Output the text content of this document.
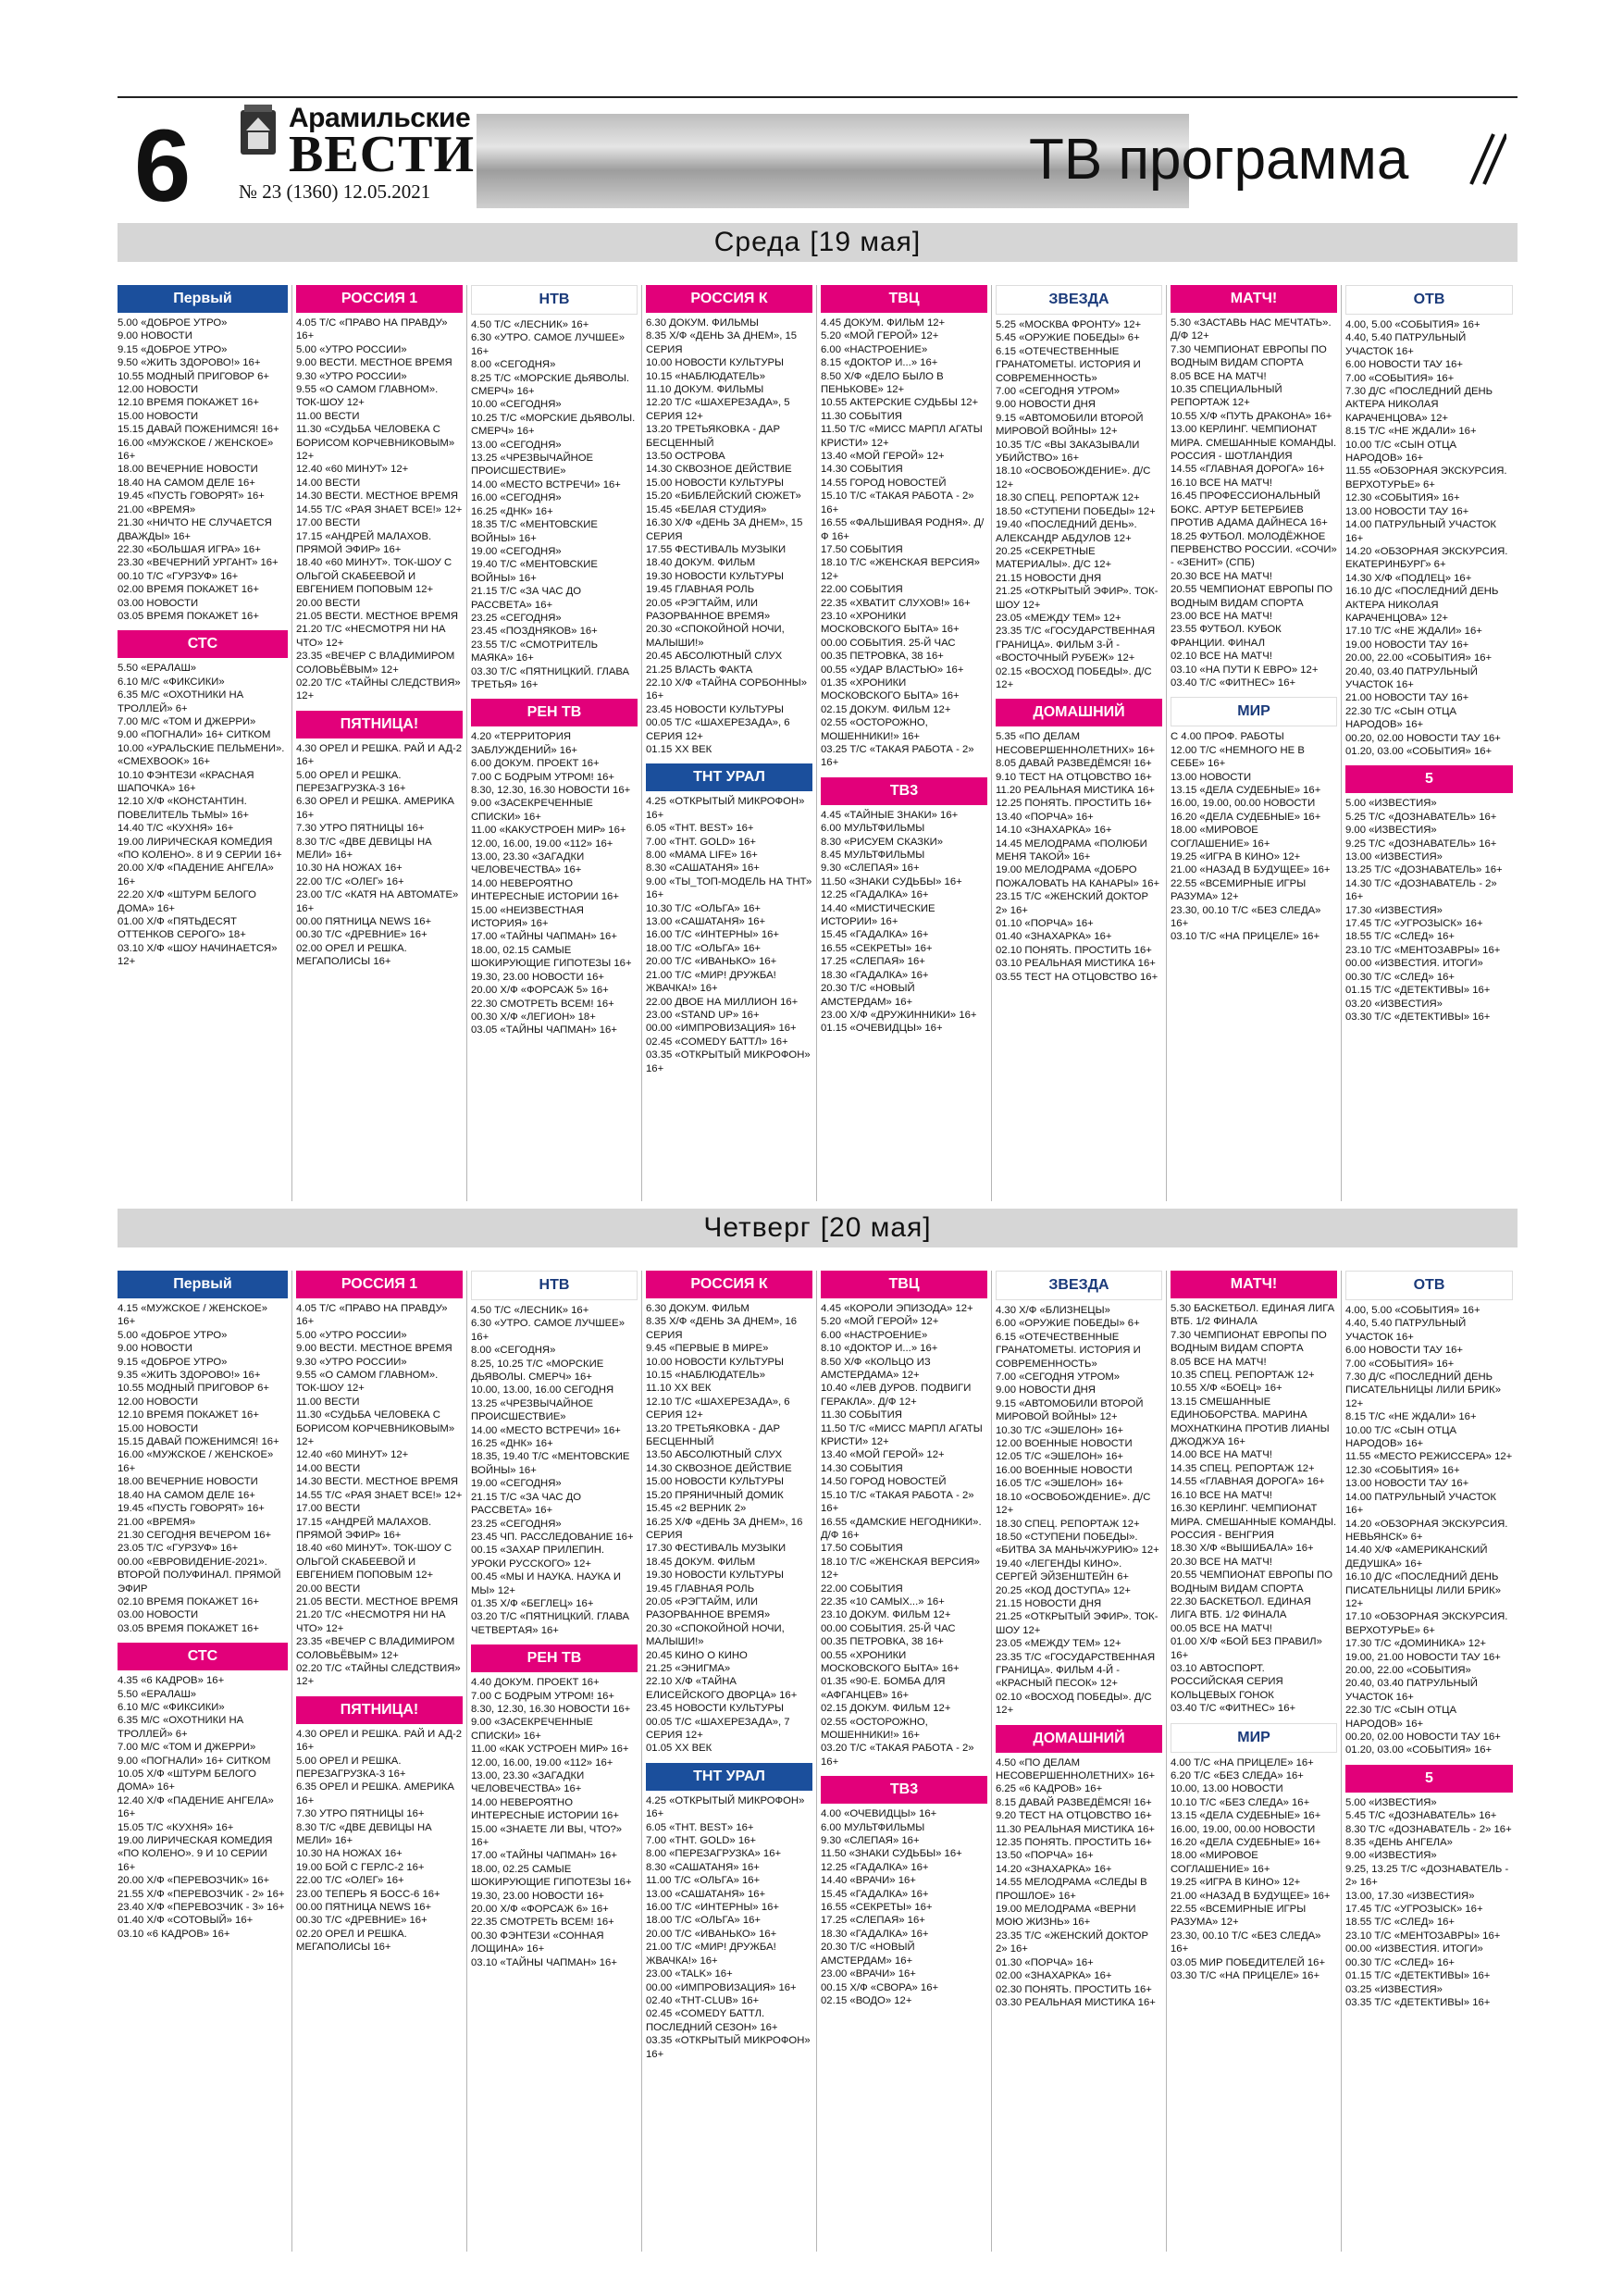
6	Арамильские
ВЕСТИ
№ 23 (1360) 12.05.2021	ТВ программа
Среда [19 мая]
Первый
5.00 «ДОБРОЕ УТРО»
9.00 НОВОСТИ
9.15 «ДОБРОЕ УТРО»
9.50 «ЖИТЬ ЗДОРОВО!» 16+
10.55 МОДНЫЙ ПРИГОВОР 6+
12.00 НОВОСТИ
12.10 ВРЕМЯ ПОКАЖЕТ 16+
15.00 НОВОСТИ
15.15 ДАВАЙ ПОЖЕНИМСЯ! 16+
16.00 «МУЖСКОЕ / ЖЕНСКОЕ» 16+
18.00 ВЕЧЕРНИЕ НОВОСТИ
18.40 НА САМОМ ДЕЛЕ 16+
19.45 «ПУСТЬ ГОВОРЯТ» 16+
21.00 «ВРЕМЯ»
21.30 «НИЧТО НЕ СЛУЧАЕТСЯ ДВАЖДЫ» 16+
22.30 «БОЛЬШАЯ ИГРА» 16+
23.30 «ВЕЧЕРНИЙ УРГАНТ» 16+
00.10 Т/С «ГУРЗУФ» 16+
02.00 ВРЕМЯ ПОКАЖЕТ 16+
03.00 НОВОСТИ
03.05 ВРЕМЯ ПОКАЖЕТ 16+
СТС
5.50 «ЕРАЛАШ»
6.10 М/С «ФИКСИКИ»
6.35 М/С «ОХОТНИКИ НА ТРОЛЛЕЙ» 6+
7.00 М/С «ТОМ И ДЖЕРРИ»
9.00 «ПОГНАЛИ» 16+ СИТКОМ
10.00 «УРАЛЬСКИЕ ПЕЛЬМЕНИ». «СМЕХBOOK» 16+
10.10 ФЭНТЕЗИ «КРАСНАЯ ШАПОЧКА» 16+
12.10 Х/Ф «КОНСТАНТИН. ПОВЕЛИТЕЛЬ ТЬМЫ» 16+
14.40 Т/С «КУХНЯ» 16+
19.00 ЛИРИЧЕСКАЯ КОМЕДИЯ «ПО КОЛЕНО». 8 И 9 СЕРИИ 16+
20.00 Х/Ф «ПАДЕНИЕ АНГЕЛА» 16+
22.20 Х/Ф «ШТУРМ БЕЛОГО ДОМА» 16+
01.00 Х/Ф «ПЯТЬДЕСЯТ ОТТЕНКОВ СЕРОГО» 18+
03.10 Х/Ф «ШОУ НАЧИНАЕТСЯ» 12+
РОССИЯ 1
4.05 Т/С «ПРАВО НА ПРАВДУ» 16+
5.00 «УТРО РОССИИ»
9.00 ВЕСТИ. МЕСТНОЕ ВРЕМЯ
9.30 «УТРО РОССИИ»
9.55 «О САМОМ ГЛАВНОМ». ТОК-ШОУ 12+
11.00 ВЕСТИ
11.30 «СУДЬБА ЧЕЛОВЕКА С БОРИСОМ КОРЧЕВНИКОВЫМ» 12+
12.40 «60 МИНУТ» 12+
14.00 ВЕСТИ
14.30 ВЕСТИ. МЕСТНОЕ ВРЕМЯ
14.55 Т/С «РАЯ ЗНАЕТ ВСЕ!» 12+
17.00 ВЕСТИ
17.15 «АНДРЕЙ МАЛАХОВ. ПРЯМОЙ ЭФИР» 16+
18.40 «60 МИНУТ». ТОК-ШОУ С ОЛЬГОЙ СКАБЕЕВОЙ И ЕВГЕНИЕМ ПОПОВЫМ 12+
20.00 ВЕСТИ
21.05 ВЕСТИ. МЕСТНОЕ ВРЕМЯ
21.20 Т/С «НЕСМОТРЯ НИ НА ЧТО» 12+
23.35 «ВЕЧЕР С ВЛАДИМИРОМ СОЛОВЬЁВЫМ» 12+
02.20 Т/С «ТАЙНЫ СЛЕДСТВИЯ» 12+
ПЯТНИЦА!
4.30 ОРЕЛ И РЕШКА. РАЙ И АД-2 16+
5.00 ОРЕЛ И РЕШКА. ПЕРЕЗАГРУЗКА-3 16+
6.30 ОРЕЛ И РЕШКА. АМЕРИКА 16+
7.30 УТРО ПЯТНИЦЫ 16+
8.30 Т/С «ДВЕ ДЕВИЦЫ НА МЕЛИ» 16+
10.30 НА НОЖАХ 16+
22.00 Т/С «ОЛЕГ» 16+
23.00 Т/С «КАТЯ НА АВТОМАТЕ» 16+
00.00 ПЯТНИЦА NEWS 16+
00.30 Т/С «ДРЕВНИЕ» 16+
02.00 ОРЕЛ И РЕШКА. МЕГАПОЛИСЫ 16+
НТВ
4.50 Т/С «ЛЕСНИК» 16+
6.30 «УТРО. САМОЕ ЛУЧШЕЕ» 16+
8.00 «СЕГОДНЯ»
8.25 Т/С «МОРСКИЕ ДЬЯВОЛЫ. СМЕРЧ» 16+
10.00 «СЕГОДНЯ»
10.25 Т/С «МОРСКИЕ ДЬЯВОЛЫ. СМЕРЧ» 16+
13.00 «СЕГОДНЯ»
13.25 «ЧРЕЗВЫЧАЙНОЕ ПРОИСШЕСТВИЕ»
14.00 «МЕСТО ВСТРЕЧИ» 16+
16.00 «СЕГОДНЯ»
16.25 «ДНК» 16+
18.35 Т/С «МЕНТОВСКИЕ ВОЙНЫ» 16+
19.00 «СЕГОДНЯ»
19.40 Т/С «МЕНТОВСКИЕ ВОЙНЫ» 16+
21.15 Т/С «ЗА ЧАС ДО РАССВЕТА» 16+
23.25 «СЕГОДНЯ»
23.45 «ПОЗДНЯКОВ» 16+
23.55 Т/С «СМОТРИТЕЛЬ МАЯКА» 16+
03.30 Т/С «ПЯТНИЦКИЙ. ГЛАВА ТРЕТЬЯ» 16+
РЕН ТВ
4.20 «ТЕРРИТОРИЯ ЗАБЛУЖДЕНИЙ» 16+
6.00 ДОКУМ. ПРОЕКТ 16+
7.00 С БОДРЫМ УТРОМ! 16+
8.30, 12.30, 16.30 НОВОСТИ 16+
9.00 «ЗАСЕКРЕЧЕННЫЕ СПИСКИ» 16+
11.00 «КАКУСТРОЕН МИР» 16+
12.00, 16.00, 19.00 «112» 16+
13.00, 23.30 «ЗАГАДКИ ЧЕЛОВЕЧЕСТВА» 16+
14.00 НЕВЕРОЯТНО ИНТЕРЕСНЫЕ ИСТОРИИ 16+
15.00 «НЕИЗВЕСТНАЯ ИСТОРИЯ» 16+
17.00 «ТАЙНЫ ЧАПМАН» 16+
18.00, 02.15 САМЫЕ ШОКИРУЮЩИЕ ГИПОТЕЗЫ 16+
19.30, 23.00 НОВОСТИ 16+
20.00 Х/Ф «ФОРСАЖ 5» 16+
22.30 СМОТРЕТЬ ВСЕМ! 16+
00.30 Х/Ф «ЛЕГИОН» 18+
03.05 «ТАЙНЫ ЧАПМАН» 16+
РОССИЯ К
6.30 ДОКУМ. ФИЛЬМЫ
8.35 Х/Ф «ДЕНЬ ЗА ДНЕМ», 15 СЕРИЯ
10.00 НОВОСТИ КУЛЬТУРЫ
10.15 «НАБЛЮДАТЕЛЬ»
11.10 ДОКУМ. ФИЛЬМЫ
12.20 Т/С «ШАХЕРЕЗАДА», 5 СЕРИЯ 12+
13.20 ТРЕТЬЯКОВКА - ДАР БЕСЦЕННЫЙ
13.50 ОСТРОВА
14.30 СКВОЗНОЕ ДЕЙСТВИЕ
15.00 НОВОСТИ КУЛЬТУРЫ
15.20 «БИБЛЕЙСКИЙ СЮЖЕТ»
15.45 «БЕЛАЯ СТУДИЯ»
16.30 Х/Ф «ДЕНЬ ЗА ДНЕМ», 15 СЕРИЯ
17.55 ФЕСТИВАЛЬ МУЗЫКИ
18.40 ДОКУМ. ФИЛЬМ
19.30 НОВОСТИ КУЛЬТУРЫ
19.45 ГЛАВНАЯ РОЛЬ
20.05 «РЭГТАЙМ, ИЛИ РАЗОРВАННОЕ ВРЕМЯ»
20.30 «СПОКОЙНОЙ НОЧИ, МАЛЫШИ!»
20.45 АБСОЛЮТНЫЙ СЛУХ
21.25 ВЛАСТЬ ФАКТА
22.10 Х/Ф «ТАЙНА СОРБОННЫ» 16+
23.45 НОВОСТИ КУЛЬТУРЫ
00.05 Т/С «ШАХЕРЕЗАДА», 6 СЕРИЯ 12+
01.15 XX ВЕК
ТНТ УРАЛ
4.25 «ОТКРЫТЫЙ МИКРОФОН» 16+
6.05 «ТНТ. BEST» 16+
7.00 «ТНТ. GOLD» 16+
8.00 «МАМА LIFE» 16+
8.30 «САШАТАНЯ» 16+
9.00 «ТЫ_ТОП-МОДЕЛЬ НА ТНТ» 16+
10.30 Т/С «ОЛЬГА» 16+
13.00 «САШАТАНЯ» 16+
16.00 Т/С «ИНТЕРНЫ» 16+
18.00 Т/С «ОЛЬГА» 16+
20.00 Т/С «ИВАНЬКО» 16+
21.00 Т/С «МИР! ДРУЖБА! ЖВАЧКА!» 16+
22.00 ДВОЕ НА МИЛЛИОН 16+
23.00 «STAND UP» 16+
00.00 «ИМПРОВИЗАЦИЯ» 16+
02.45 «COMEDY БАТТЛ» 16+
03.35 «ОТКРЫТЫЙ МИКРОФОН» 16+
ТВЦ
4.45 ДОКУМ. ФИЛЬМ 12+
5.20 «МОЙ ГЕРОЙ» 12+
6.00 «НАСТРОЕНИЕ»
8.15 «ДОКТОР И...» 16+
8.50 Х/Ф «ДЕЛО БЫЛО В ПЕНЬКОВЕ» 12+
10.55 АКТЕРСКИЕ СУДЬБЫ 12+
11.30 СОБЫТИЯ
11.50 Т/С «МИСС МАРПЛ АГАТЫ КРИСТИ» 12+
13.40 «МОЙ ГЕРОЙ» 12+
14.30 СОБЫТИЯ
14.55 ГОРОД НОВОСТЕЙ
15.10 Т/С «ТАКАЯ РАБОТА - 2» 16+
16.55 «ФАЛЬШИВАЯ РОДНЯ». Д/Ф 16+
17.50 СОБЫТИЯ
18.10 Т/С «ЖЕНСКАЯ ВЕРСИЯ» 12+
22.00 СОБЫТИЯ
22.35 «ХВАТИТ СЛУХОВ!» 16+
23.10 «ХРОНИКИ МОСКОВСКОГО БЫТА» 16+
00.00 СОБЫТИЯ. 25-Й ЧАС
00.35 ПЕТРОВКА, 38 16+
00.55 «УДАР ВЛАСТЬЮ» 16+
01.35 «ХРОНИКИ МОСКОВСКОГО БЫТА» 16+
02.15 ДОКУМ. ФИЛЬМ 12+
02.55 «ОСТОРОЖНО, МОШЕННИКИ!» 16+
03.25 Т/С «ТАКАЯ РАБОТА - 2» 16+
ТВ3
4.45 «ТАЙНЫЕ ЗНАКИ» 16+
6.00 МУЛЬТФИЛЬМЫ
8.30 «РИСУЕМ СКАЗКИ»
8.45 МУЛЬТФИЛЬМЫ
9.30 «СЛЕПАЯ» 16+
11.50 «ЗНАКИ СУДЬБЫ» 16+
12.25 «ГАДАЛКА» 16+
14.40 «МИСТИЧЕСКИЕ ИСТОРИИ» 16+
15.45 «ГАДАЛКА» 16+
16.55 «СЕКРЕТЫ» 16+
17.25 «СЛЕПАЯ» 16+
18.30 «ГАДАЛКА» 16+
20.30 Т/С «НОВЫЙ АМСТЕРДАМ» 16+
23.00 Х/Ф «ДРУЖИННИКИ» 16+
01.15 «ОЧЕВИДЦЫ» 16+
ЗВЕЗДА
5.25 «МОСКВА ФРОНТУ» 12+
5.45 «ОРУЖИЕ ПОБЕДЫ» 6+
6.15 «ОТЕЧЕСТВЕННЫЕ ГРАНАТОМЕТЫ. ИСТОРИЯ И СОВРЕМЕННОСТЬ»
7.00 «СЕГОДНЯ УТРОМ»
9.00 НОВОСТИ ДНЯ
9.15 «АВТОМОБИЛИ ВТОРОЙ МИРОВОЙ ВОЙНЫ» 12+
10.35 Т/С «ВЫ ЗАКАЗЫВАЛИ УБИЙСТВО» 16+
18.10 «ОСВОБОЖДЕНИЕ». Д/С 12+
18.30 СПЕЦ. РЕПОРТАЖ 12+
18.50 «СТУПЕНИ ПОБЕДЫ» 12+
19.40 «ПОСЛЕДНИЙ ДЕНЬ». АЛЕКСАНДР АБДУЛОВ 12+
20.25 «СЕКРЕТНЫЕ МАТЕРИАЛЫ». Д/С 12+
21.15 НОВОСТИ ДНЯ
21.25 «ОТКРЫТЫЙ ЭФИР». ТОК-ШОУ 12+
23.05 «МЕЖДУ ТЕМ» 12+
23.35 Т/С «ГОСУДАРСТВЕННАЯ ГРАНИЦА». ФИЛЬМ 3-Й - «ВОСТОЧНЫЙ РУБЕЖ» 12+
02.15 «ВОСХОД ПОБЕДЫ». Д/С 12+
ДОМАШНИЙ
5.35 «ПО ДЕЛАМ НЕСОВЕРШЕННОЛЕТНИХ» 16+
8.05 ДАВАЙ РАЗВЕДЁМСЯ! 16+
9.10 ТЕСТ НА ОТЦОВСТВО 16+
11.20 РЕАЛЬНАЯ МИСТИКА 16+
12.25 ПОНЯТЬ. ПРОСТИТЬ 16+
13.40 «ПОРЧА» 16+
14.10 «ЗНАХАРКА» 16+
14.45 МЕЛОДРАМА «ПОЛЮБИ МЕНЯ ТАКОЙ» 16+
19.00 МЕЛОДРАМА «ДОБРО ПОЖАЛОВАТЬ НА КАНАРЫ» 16+
23.15 Т/С «ЖЕНСКИЙ ДОКТОР 2» 16+
01.10 «ПОРЧА» 16+
01.40 «ЗНАХАРКА» 16+
02.10 ПОНЯТЬ. ПРОСТИТЬ 16+
03.10 РЕАЛЬНАЯ МИСТИКА 16+
03.55 ТЕСТ НА ОТЦОВСТВО 16+
МАТЧ!
5.30 «ЗАСТАВЬ НАС МЕЧТАТЬ». Д/Ф 12+
7.30 ЧЕМПИОНАТ ЕВРОПЫ ПО ВОДНЫМ ВИДАМ СПОРТА
8.05 ВСЕ НА МАТЧ!
10.35 СПЕЦИАЛЬНЫЙ РЕПОРТАЖ 12+
10.55 Х/Ф «ПУТЬ ДРАКОНА» 16+
13.00 КЕРЛИНГ. ЧЕМПИОНАТ МИРА. СМЕШАННЫЕ КОМАНДЫ. РОССИЯ - ШОТЛАНДИЯ
14.55 «ГЛАВНАЯ ДОРОГА» 16+
16.10 ВСЕ НА МАТЧ!
16.45 ПРОФЕССИОНАЛЬНЫЙ БОКС. АРТУР БЕТЕРБИЕВ ПРОТИВ АДАМА ДАЙНЕСА 16+
18.25 ФУТБОЛ. МОЛОДЁЖНОЕ ПЕРВЕНСТВО РОССИИ. «СОЧИ» - «ЗЕНИТ» (СПБ)
20.30 ВСЕ НА МАТЧ!
20.55 ЧЕМПИОНАТ ЕВРОПЫ ПО ВОДНЫМ ВИДАМ СПОРТА
23.00 ВСЕ НА МАТЧ!
23.55 ФУТБОЛ. КУБОК ФРАНЦИИ. ФИНАЛ
02.10 ВСЕ НА МАТЧ!
03.10 «НА ПУТИ К ЕВРО» 12+
03.40 Т/С «ФИТНЕС» 16+
МИР
С 4.00 ПРОФ. РАБОТЫ
12.00 Т/С «НЕМНОГО НЕ В СЕБЕ» 16+
13.00 НОВОСТИ
13.15 «ДЕЛА СУДЕБНЫЕ» 16+
16.00, 19.00, 00.00 НОВОСТИ
16.20 «ДЕЛА СУДЕБНЫЕ» 16+
18.00 «МИРОВОЕ СОГЛАШЕНИЕ» 16+
19.25 «ИГРА В КИНО» 12+
21.00 «НАЗАД В БУДУЩЕЕ» 16+
22.55 «ВСЕМИРНЫЕ ИГРЫ РАЗУМА» 12+
23.30, 00.10 Т/С «БЕЗ СЛЕДА» 16+
03.10 Т/С «НА ПРИЦЕЛЕ» 16+
ОТВ
4.00, 5.00 «СОБЫТИЯ» 16+
4.40, 5.40 ПАТРУЛЬНЫЙ УЧАСТОК 16+
6.00 НОВОСТИ ТАУ 16+
7.00 «СОБЫТИЯ» 16+
7.30 Д/С «ПОСЛЕДНИЙ ДЕНЬ АКТЕРА НИКОЛАЯ КАРАЧЕНЦОВА» 12+
8.15 Т/С «НЕ ЖДАЛИ» 16+
10.00 Т/С «СЫН ОТЦА НАРОДОВ» 16+
11.55 «ОБЗОРНАЯ ЭКСКУРСИЯ. ВЕРХОТУРЬЕ» 6+
12.30 «СОБЫТИЯ» 16+
13.00 НОВОСТИ ТАУ 16+
14.00 ПАТРУЛЬНЫЙ УЧАСТОК 16+
14.20 «ОБЗОРНАЯ ЭКСКУРСИЯ. ЕКАТЕРИНБУРГ» 6+
14.30 Х/Ф «ПОДЛЕЦ» 16+
16.10 Д/С «ПОСЛЕДНИЙ ДЕНЬ АКТЕРА НИКОЛАЯ КАРАЧЕНЦОВА» 12+
17.10 Т/С «НЕ ЖДАЛИ» 16+
19.00 НОВОСТИ ТАУ 16+
20.00, 22.00 «СОБЫТИЯ» 16+
20.40, 03.40 ПАТРУЛЬНЫЙ УЧАСТОК 16+
21.00 НОВОСТИ ТАУ 16+
22.30 Т/С «СЫН ОТЦА НАРОДОВ» 16+
00.20, 02.00 НОВОСТИ ТАУ 16+
01.20, 03.00 «СОБЫТИЯ» 16+
5
5.00 «ИЗВЕСТИЯ»
5.25 Т/С «ДОЗНАВАТЕЛЬ» 16+
9.00 «ИЗВЕСТИЯ»
9.25 Т/С «ДОЗНАВАТЕЛЬ» 16+
13.00 «ИЗВЕСТИЯ»
13.25 Т/С «ДОЗНАВАТЕЛЬ» 16+
14.30 Т/С «ДОЗНАВАТЕЛЬ - 2» 16+
17.30 «ИЗВЕСТИЯ»
17.45 Т/С «УГРОЗЫСК» 16+
18.55 Т/С «СЛЕД» 16+
23.10 Т/С «МЕНТОЗАВРЫ» 16+
00.00 «ИЗВЕСТИЯ. ИТОГИ»
00.30 Т/С «СЛЕД» 16+
01.15 Т/С «ДЕТЕКТИВЫ» 16+
03.20 «ИЗВЕСТИЯ»
03.30 Т/С «ДЕТЕКТИВЫ» 16+
Четверг [20 мая]
Первый
4.15 «МУЖСКОЕ / ЖЕНСКОЕ» 16+
5.00 «ДОБРОЕ УТРО»
9.00 НОВОСТИ
9.15 «ДОБРОЕ УТРО»
9.35 «ЖИТЬ ЗДОРОВО!» 16+
10.55 МОДНЫЙ ПРИГОВОР 6+
12.00 НОВОСТИ
12.10 ВРЕМЯ ПОКАЖЕТ 16+
15.00 НОВОСТИ
15.15 ДАВАЙ ПОЖЕНИМСЯ! 16+
16.00 «МУЖСКОЕ / ЖЕНСКОЕ» 16+
18.00 ВЕЧЕРНИЕ НОВОСТИ
18.40 НА САМОМ ДЕЛЕ 16+
19.45 «ПУСТЬ ГОВОРЯТ» 16+
21.00 «ВРЕМЯ»
21.30 СЕГОДНЯ ВЕЧЕРОМ 16+
23.05 Т/С «ГУРЗУФ» 16+
00.00 «ЕВРОВИДЕНИЕ-2021». ВТОРОЙ ПОЛУФИНАЛ. ПРЯМОЙ ЭФИР
02.10 ВРЕМЯ ПОКАЖЕТ 16+
03.00 НОВОСТИ
03.05 ВРЕМЯ ПОКАЖЕТ 16+
СТС
4.35 «6 КАДРОВ» 16+
5.50 «ЕРАЛАШ»
6.10 М/С «ФИКСИКИ»
6.35 М/С «ОХОТНИКИ НА ТРОЛЛЕЙ» 6+
7.00 М/С «ТОМ И ДЖЕРРИ»
9.00 «ПОГНАЛИ» 16+ СИТКОМ
10.05 Х/Ф «ШТУРМ БЕЛОГО ДОМА» 16+
12.40 Х/Ф «ПАДЕНИЕ АНГЕЛА» 16+
15.05 Т/С «КУХНЯ» 16+
19.00 ЛИРИЧЕСКАЯ КОМЕДИЯ «ПО КОЛЕНО». 9 И 10 СЕРИИ 16+
20.00 Х/Ф «ПЕРЕВОЗЧИК» 16+
21.55 Х/Ф «ПЕРЕВОЗЧИК - 2» 16+
23.40 Х/Ф «ПЕРЕВОЗЧИК - 3» 16+
01.40 Х/Ф «СОТОВЫЙ» 16+
03.10 «6 КАДРОВ» 16+
РОССИЯ 1
4.05 Т/С «ПРАВО НА ПРАВДУ» 16+
5.00 «УТРО РОССИИ»
9.00 ВЕСТИ. МЕСТНОЕ ВРЕМЯ
9.30 «УТРО РОССИИ»
9.55 «О САМОМ ГЛАВНОМ». ТОК-ШОУ 12+
11.00 ВЕСТИ
11.30 «СУДЬБА ЧЕЛОВЕКА С БОРИСОМ КОРЧЕВНИКОВЫМ» 12+
12.40 «60 МИНУТ» 12+
14.00 ВЕСТИ
14.30 ВЕСТИ. МЕСТНОЕ ВРЕМЯ
14.55 Т/С «РАЯ ЗНАЕТ ВСЕ!» 12+
17.00 ВЕСТИ
17.15 «АНДРЕЙ МАЛАХОВ. ПРЯМОЙ ЭФИР» 16+
18.40 «60 МИНУТ». ТОК-ШОУ С ОЛЬГОЙ СКАБЕЕВОЙ И ЕВГЕНИЕМ ПОПОВЫМ 12+
20.00 ВЕСТИ
21.05 ВЕСТИ. МЕСТНОЕ ВРЕМЯ
21.20 Т/С «НЕСМОТРЯ НИ НА ЧТО» 12+
23.35 «ВЕЧЕР С ВЛАДИМИРОМ СОЛОВЬЁВЫМ» 12+
02.20 Т/С «ТАЙНЫ СЛЕДСТВИЯ» 12+
ПЯТНИЦА!
4.30 ОРЕЛ И РЕШКА. РАЙ И АД-2 16+
5.00 ОРЕЛ И РЕШКА. ПЕРЕЗАГРУЗКА-3 16+
6.35 ОРЕЛ И РЕШКА. АМЕРИКА 16+
7.30 УТРО ПЯТНИЦЫ 16+
8.30 Т/С «ДВЕ ДЕВИЦЫ НА МЕЛИ» 16+
10.30 НА НОЖАХ 16+
19.00 БОЙ С ГЕРЛС-2 16+
22.00 Т/С «ОЛЕГ» 16+
23.00 ТЕПЕРЬ Я БОСС-6 16+
00.00 ПЯТНИЦА NEWS 16+
00.30 Т/С «ДРЕВНИЕ» 16+
02.20 ОРЕЛ И РЕШКА. МЕГАПОЛИСЫ 16+
НТВ
4.50 Т/С «ЛЕСНИК» 16+
6.30 «УТРО. САМОЕ ЛУЧШЕЕ» 16+
8.00 «СЕГОДНЯ»
8.25, 10.25 Т/С «МОРСКИЕ ДЬЯВОЛЫ. СМЕРЧ» 16+
10.00, 13.00, 16.00 СЕГОДНЯ
13.25 «ЧРЕЗВЫЧАЙНОЕ ПРОИСШЕСТВИЕ»
14.00 «МЕСТО ВСТРЕЧИ» 16+
16.25 «ДНК» 16+
18.35, 19.40 Т/С «МЕНТОВСКИЕ ВОЙНЫ» 16+
19.00 «СЕГОДНЯ»
21.15 Т/С «ЗА ЧАС ДО РАССВЕТА» 16+
23.25 «СЕГОДНЯ»
23.45 ЧП. РАССЛЕДОВАНИЕ 16+
00.15 «ЗАХАР ПРИЛЕПИН. УРОКИ РУССКОГО» 12+
00.45 «МЫ И НАУКА. НАУКА И МЫ» 12+
01.35 Х/Ф «БЕГЛЕЦ» 16+
03.20 Т/С «ПЯТНИЦКИЙ. ГЛАВА ЧЕТВЕРТАЯ» 16+
РЕН ТВ
4.40 ДОКУМ. ПРОЕКТ 16+
7.00 С БОДРЫМ УТРОМ! 16+
8.30, 12.30, 16.30 НОВОСТИ 16+
9.00 «ЗАСЕКРЕЧЕННЫЕ СПИСКИ» 16+
11.00 «КАК УСТРОЕН МИР» 16+
12.00, 16.00, 19.00 «112» 16+
13.00, 23.30 «ЗАГАДКИ ЧЕЛОВЕЧЕСТВА» 16+
14.00 НЕВЕРОЯТНО ИНТЕРЕСНЫЕ ИСТОРИИ 16+
15.00 «ЗНАЕТЕ ЛИ ВЫ, ЧТО?» 16+
17.00 «ТАЙНЫ ЧАПМАН» 16+
18.00, 02.25 САМЫЕ ШОКИРУЮЩИЕ ГИПОТЕЗЫ 16+
19.30, 23.00 НОВОСТИ 16+
20.00 Х/Ф «ФОРСАЖ 6» 16+
22.35 СМОТРЕТЬ ВСЕМ! 16+
00.30 ФЭНТЕЗИ «СОННАЯ ЛОЩИНА» 16+
03.10 «ТАЙНЫ ЧАПМАН» 16+
РОССИЯ К
6.30 ДОКУМ. ФИЛЬМ
8.35 Х/Ф «ДЕНЬ ЗА ДНЕМ», 16 СЕРИЯ
9.45 «ПЕРВЫЕ В МИРЕ»
10.00 НОВОСТИ КУЛЬТУРЫ
10.15 «НАБЛЮДАТЕЛЬ»
11.10 XX ВЕК
12.10 Т/С «ШАХЕРЕЗАДА», 6 СЕРИЯ 12+
13.20 ТРЕТЬЯКОВКА - ДАР БЕСЦЕННЫЙ
13.50 АБСОЛЮТНЫЙ СЛУХ
14.30 СКВОЗНОЕ ДЕЙСТВИЕ
15.00 НОВОСТИ КУЛЬТУРЫ
15.20 ПРЯНИЧНЫЙ ДОМИК
15.45 «2 ВЕРНИК 2»
16.25 Х/Ф «ДЕНЬ ЗА ДНЕМ», 16 СЕРИЯ
17.30 ФЕСТИВАЛЬ МУЗЫКИ
18.45 ДОКУМ. ФИЛЬМ
19.30 НОВОСТИ КУЛЬТУРЫ
19.45 ГЛАВНАЯ РОЛЬ
20.05 «РЭГТАЙМ, ИЛИ РАЗОРВАННОЕ ВРЕМЯ»
20.30 «СПОКОЙНОЙ НОЧИ, МАЛЫШИ!»
20.45 КИНО О КИНО
21.25 «ЭНИГМА»
22.10 Х/Ф «ТАЙНА ЕЛИСЕЙСКОГО ДВОРЦА» 16+
23.45 НОВОСТИ КУЛЬТУРЫ
00.05 Т/С «ШАХЕРЕЗАДА», 7 СЕРИЯ 12+
01.05 XX ВЕК
ТНТ УРАЛ
4.25 «ОТКРЫТЫЙ МИКРОФОН» 16+
6.05 «ТНТ. BEST» 16+
7.00 «ТНТ. GOLD» 16+
8.00 «ПЕРЕЗАГРУЗКА» 16+
8.30 «САШАТАНЯ» 16+
11.00 Т/С «ОЛЬГА» 16+
13.00 «САШАТАНЯ» 16+
16.00 Т/С «ИНТЕРНЫ» 16+
18.00 Т/С «ОЛЬГА» 16+
20.00 Т/С «ИВАНЬКО» 16+
21.00 Т/С «МИР! ДРУЖБА! ЖВАЧКА!» 16+
23.00 «TALK» 16+
00.00 «ИМПРОВИЗАЦИЯ» 16+
02.40 «ТНТ-CLUB» 16+
02.45 «COMEDY БАТТЛ. ПОСЛЕДНИЙ СЕЗОН» 16+
03.35 «ОТКРЫТЫЙ МИКРОФОН» 16+
ТВЦ
4.45 «КОРОЛИ ЭПИЗОДА» 12+
5.20 «МОЙ ГЕРОЙ» 12+
6.00 «НАСТРОЕНИЕ»
8.10 «ДОКТОР И...» 16+
8.50 Х/Ф «КОЛЬЦО ИЗ АМСТЕРДАМА» 12+
10.40 «ЛЕВ ДУРОВ. ПОДВИГИ ГЕРАКЛА». Д/Ф 12+
11.30 СОБЫТИЯ
11.50 Т/С «МИСС МАРПЛ АГАТЫ КРИСТИ» 12+
13.40 «МОЙ ГЕРОЙ» 12+
14.30 СОБЫТИЯ
14.50 ГОРОД НОВОСТЕЙ
15.10 Т/С «ТАКАЯ РАБОТА - 2» 16+
16.55 «ДАМСКИЕ НЕГОДНИКИ». Д/Ф 16+
17.50 СОБЫТИЯ
18.10 Т/С «ЖЕНСКАЯ ВЕРСИЯ» 12+
22.00 СОБЫТИЯ
22.35 «10 САМЫХ...» 16+
23.10 ДОКУМ. ФИЛЬМ 12+
00.00 СОБЫТИЯ. 25-Й ЧАС
00.35 ПЕТРОВКА, 38 16+
00.55 «ХРОНИКИ МОСКОВСКОГО БЫТА» 16+
01.35 «90-Е. БОМБА ДЛЯ «АФГАНЦЕВ» 16+
02.15 ДОКУМ. ФИЛЬМ 12+
02.55 «ОСТОРОЖНО, МОШЕННИКИ!» 16+
03.20 Т/С «ТАКАЯ РАБОТА - 2» 16+
ТВ3
4.00 «ОЧЕВИДЦЫ» 16+
6.00 МУЛЬТФИЛЬМЫ
9.30 «СЛЕПАЯ» 16+
11.50 «ЗНАКИ СУДЬБЫ» 16+
12.25 «ГАДАЛКА» 16+
14.40 «ВРАЧИ» 16+
15.45 «ГАДАЛКА» 16+
16.55 «СЕКРЕТЫ» 16+
17.25 «СЛЕПАЯ» 16+
18.30 «ГАДАЛКА» 16+
20.30 Т/С «НОВЫЙ АМСТЕРДАМ» 16+
23.00 «ВРАЧИ» 16+
00.15 Х/Ф «СВОРА» 16+
02.15 «ВОДО» 12+
ЗВЕЗДА
4.30 Х/Ф «БЛИЗНЕЦЫ»
6.00 «ОРУЖИЕ ПОБЕДЫ» 6+
6.15 «ОТЕЧЕСТВЕННЫЕ ГРАНАТОМЕТЫ. ИСТОРИЯ И СОВРЕМЕННОСТЬ»
7.00 «СЕГОДНЯ УТРОМ»
9.00 НОВОСТИ ДНЯ
9.15 «АВТОМОБИЛИ ВТОРОЙ МИРОВОЙ ВОЙНЫ» 12+
10.30 Т/С «ЭШЕЛОН» 16+
12.00 ВОЕННЫЕ НОВОСТИ
12.05 Т/С «ЭШЕЛОН» 16+
16.00 ВОЕННЫЕ НОВОСТИ
16.05 Т/С «ЭШЕЛОН» 16+
18.10 «ОСВОБОЖДЕНИЕ». Д/С 12+
18.30 СПЕЦ. РЕПОРТАЖ 12+
18.50 «СТУПЕНИ ПОБЕДЫ». «БИТВА ЗА МАНЬЧЖУРИЮ» 12+
19.40 «ЛЕГЕНДЫ КИНО». СЕРГЕЙ ЭЙЗЕНШТЕЙН 6+
20.25 «КОД ДОСТУПА» 12+
21.15 НОВОСТИ ДНЯ
21.25 «ОТКРЫТЫЙ ЭФИР». ТОК-ШОУ 12+
23.05 «МЕЖДУ ТЕМ» 12+
23.35 Т/С «ГОСУДАРСТВЕННАЯ ГРАНИЦА». ФИЛЬМ 4-Й - «КРАСНЫЙ ПЕСОК» 12+
02.10 «ВОСХОД ПОБЕДЫ». Д/С 12+
ДОМАШНИЙ
4.50 «ПО ДЕЛАМ НЕСОВЕРШЕННОЛЕТНИХ» 16+
6.25 «6 КАДРОВ» 16+
8.15 ДАВАЙ РАЗВЕДЁМСЯ! 16+
9.20 ТЕСТ НА ОТЦОВСТВО 16+
11.30 РЕАЛЬНАЯ МИСТИКА 16+
12.35 ПОНЯТЬ. ПРОСТИТЬ 16+
13.50 «ПОРЧА» 16+
14.20 «ЗНАХАРКА» 16+
14.55 МЕЛОДРАМА «СЛЕДЫ В ПРОШЛОЕ» 16+
19.00 МЕЛОДРАМА «ВЕРНИ МОЮ ЖИЗНЬ» 16+
23.35 Т/С «ЖЕНСКИЙ ДОКТОР 2» 16+
01.30 «ПОРЧА» 16+
02.00 «ЗНАХАРКА» 16+
02.30 ПОНЯТЬ. ПРОСТИТЬ 16+
03.30 РЕАЛЬНАЯ МИСТИКА 16+
МАТЧ!
5.30 БАСКЕТБОЛ. ЕДИНАЯ ЛИГА ВТБ. 1/2 ФИНАЛА
7.30 ЧЕМПИОНАТ ЕВРОПЫ ПО ВОДНЫМ ВИДАМ СПОРТА
8.05 ВСЕ НА МАТЧ!
10.35 СПЕЦ. РЕПОРТАЖ 12+
10.55 Х/Ф «БОЕЦ» 16+
13.15 СМЕШАННЫЕ ЕДИНОБОРСТВА. МАРИНА МОХНАТКИНА ПРОТИВ ЛИАНЫ ДЖОДЖУА 16+
14.00 ВСЕ НА МАТЧ!
14.35 СПЕЦ. РЕПОРТАЖ 12+
14.55 «ГЛАВНАЯ ДОРОГА» 16+
16.10 ВСЕ НА МАТЧ!
16.30 КЕРЛИНГ. ЧЕМПИОНАТ МИРА. СМЕШАННЫЕ КОМАНДЫ. РОССИЯ - ВЕНГРИЯ
18.30 Х/Ф «ВЫШИБАЛА» 16+
20.30 ВСЕ НА МАТЧ!
20.55 ЧЕМПИОНАТ ЕВРОПЫ ПО ВОДНЫМ ВИДАМ СПОРТА
22.30 БАСКЕТБОЛ. ЕДИНАЯ ЛИГА ВТБ. 1/2 ФИНАЛА
00.05 ВСЕ НА МАТЧ!
01.00 Х/Ф «БОЙ БЕЗ ПРАВИЛ» 16+
03.10 АВТОСПОРТ. РОССИЙСКАЯ СЕРИЯ КОЛЬЦЕВЫХ ГОНОК
03.40 Т/С «ФИТНЕС» 16+
МИР
4.00 Т/С «НА ПРИЦЕЛЕ» 16+
6.20 Т/С «БЕЗ СЛЕДА» 16+
10.00, 13.00 НОВОСТИ
10.10 Т/С «БЕЗ СЛЕДА» 16+
13.15 «ДЕЛА СУДЕБНЫЕ» 16+
16.00, 19.00, 00.00 НОВОСТИ
16.20 «ДЕЛА СУДЕБНЫЕ» 16+
18.00 «МИРОВОЕ СОГЛАШЕНИЕ» 16+
19.25 «ИГРА В КИНО» 12+
21.00 «НАЗАД В БУДУЩЕЕ» 16+
22.55 «ВСЕМИРНЫЕ ИГРЫ РАЗУМА» 12+
23.30, 00.10 Т/С «БЕЗ СЛЕДА» 16+
03.05 МИР ПОБЕДИТЕЛЕЙ 16+
03.30 Т/С «НА ПРИЦЕЛЕ» 16+
ОТВ
4.00, 5.00 «СОБЫТИЯ» 16+
4.40, 5.40 ПАТРУЛЬНЫЙ УЧАСТОК 16+
6.00 НОВОСТИ ТАУ 16+
7.00 «СОБЫТИЯ» 16+
7.30 Д/С «ПОСЛЕДНИЙ ДЕНЬ ПИСАТЕЛЬНИЦЫ ЛИЛИ БРИК» 12+
8.15 Т/С «НЕ ЖДАЛИ» 16+
10.00 Т/С «СЫН ОТЦА НАРОДОВ» 16+
11.55 «МЕСТО РЕЖИССЕРА» 12+
12.30 «СОБЫТИЯ» 16+
13.00 НОВОСТИ ТАУ 16+
14.00 ПАТРУЛЬНЫЙ УЧАСТОК 16+
14.20 «ОБЗОРНАЯ ЭКСКУРСИЯ. НЕВЬЯНСК» 6+
14.40 Х/Ф «АМЕРИКАНСКИЙ ДЕДУШКА» 16+
16.10 Д/С «ПОСЛЕДНИЙ ДЕНЬ ПИСАТЕЛЬНИЦЫ ЛИЛИ БРИК» 12+
17.10 «ОБЗОРНАЯ ЭКСКУРСИЯ. ВЕРХОТУРЬЕ» 6+
17.30 Т/С «ДОМИНИКА» 12+
19.00, 21.00 НОВОСТИ ТАУ 16+
20.00, 22.00 «СОБЫТИЯ»
20.40, 03.40 ПАТРУЛЬНЫЙ УЧАСТОК 16+
22.30 Т/С «СЫН ОТЦА НАРОДОВ» 16+
00.20, 02.00 НОВОСТИ ТАУ 16+
01.20, 03.00 «СОБЫТИЯ» 16+
5
5.00 «ИЗВЕСТИЯ»
5.45 Т/С «ДОЗНАВАТЕЛЬ» 16+
8.30 Т/С «ДОЗНАВАТЕЛЬ - 2» 16+
8.35 «ДЕНЬ АНГЕЛА»
9.00 «ИЗВЕСТИЯ»
9.25, 13.25 Т/С «ДОЗНАВАТЕЛЬ - 2» 16+
13.00, 17.30 «ИЗВЕСТИЯ»
17.45 Т/С «УГРОЗЫСК» 16+
18.55 Т/С «СЛЕД» 16+
23.10 Т/С «МЕНТОЗАВРЫ» 16+
00.00 «ИЗВЕСТИЯ. ИТОГИ»
00.30 Т/С «СЛЕД» 16+
01.15 Т/С «ДЕТЕКТИВЫ» 16+
03.25 «ИЗВЕСТИЯ»
03.35 Т/С «ДЕТЕКТИВЫ» 16+
